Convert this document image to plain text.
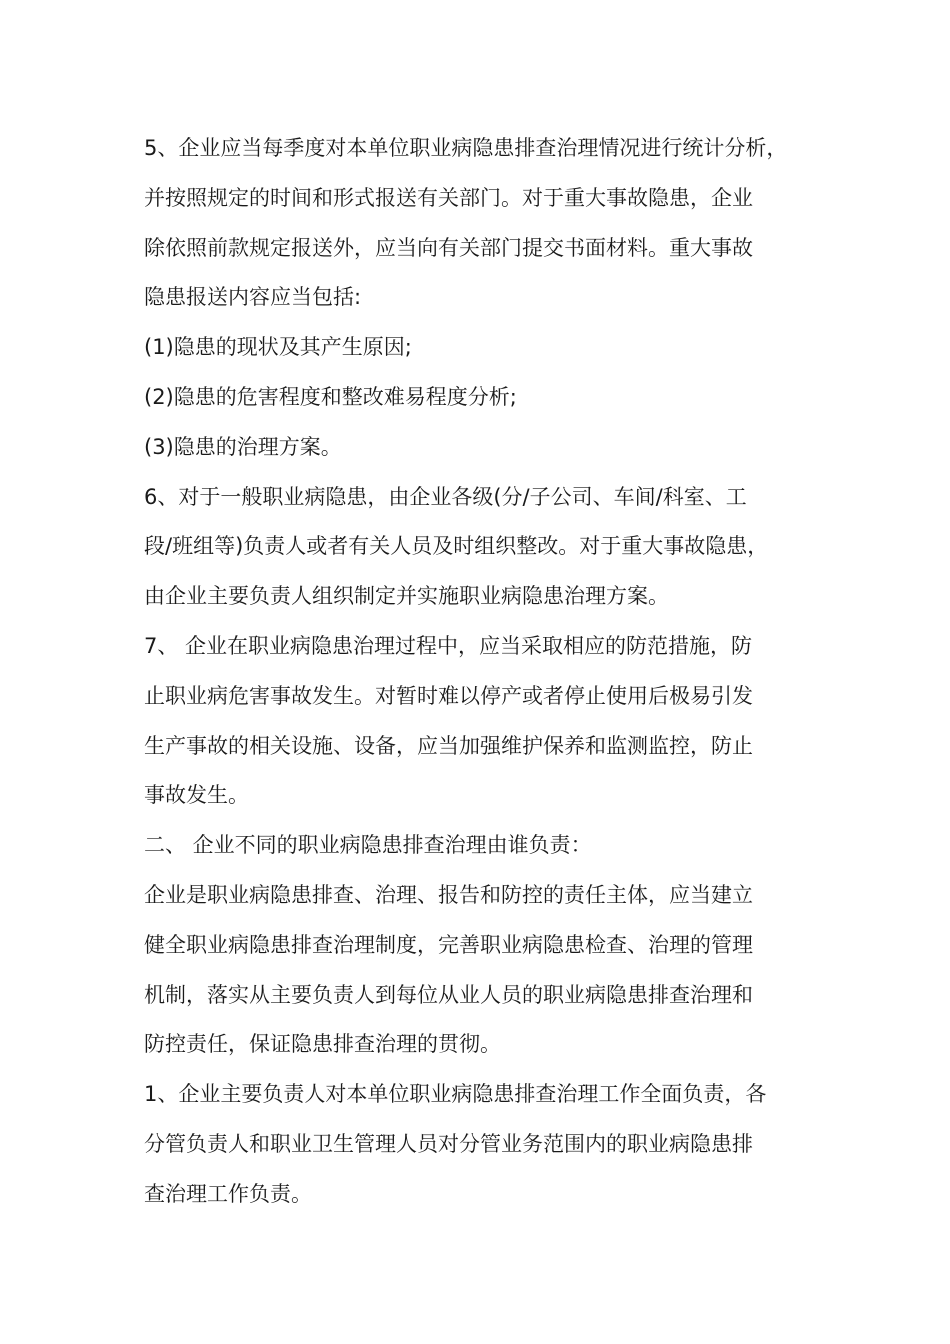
5、企业应当每季度对本单位职业病隐患排查治理情况进行统计分析，
并按照规定的时间和形式报送有关部门。对于重大事故隐患，企业
除依照前款规定报送外，应当向有关部门提交书面材料。重大事故
隐患报送内容应当包括:
(1)隐患的现状及其产生原因;
(2)隐患的危害程度和整改难易程度分析;
(3)隐患的治理方案。
6、对于一般职业病隐患，由企业各级(分/子公司、车间/科室、工
段/班组等)负责人或者有关人员及时组织整改。对于重大事故隐患，
由企业主要负责人组织制定并实施职业病隐患治理方案。
7、 企业在职业病隐患治理过程中，应当采取相应的防范措施，防
止职业病危害事故发生。对暂时难以停产或者停止使用后极易引发
生产事故的相关设施、设备，应当加强维护保养和监测监控，防止
事故发生。
二、 企业不同的职业病隐患排查治理由谁负责：
企业是职业病隐患排查、治理、报告和防控的责任主体，应当建立
健全职业病隐患排查治理制度，完善职业病隐患检查、治理的管理
机制，落实从主要负责人到每位从业人员的职业病隐患排查治理和
防控责任，保证隐患排查治理的贯彻。
1、企业主要负责人对本单位职业病隐患排查治理工作全面负责，各
分管负责人和职业卫生管理人员对分管业务范围内的职业病隐患排
查治理工作负责。
